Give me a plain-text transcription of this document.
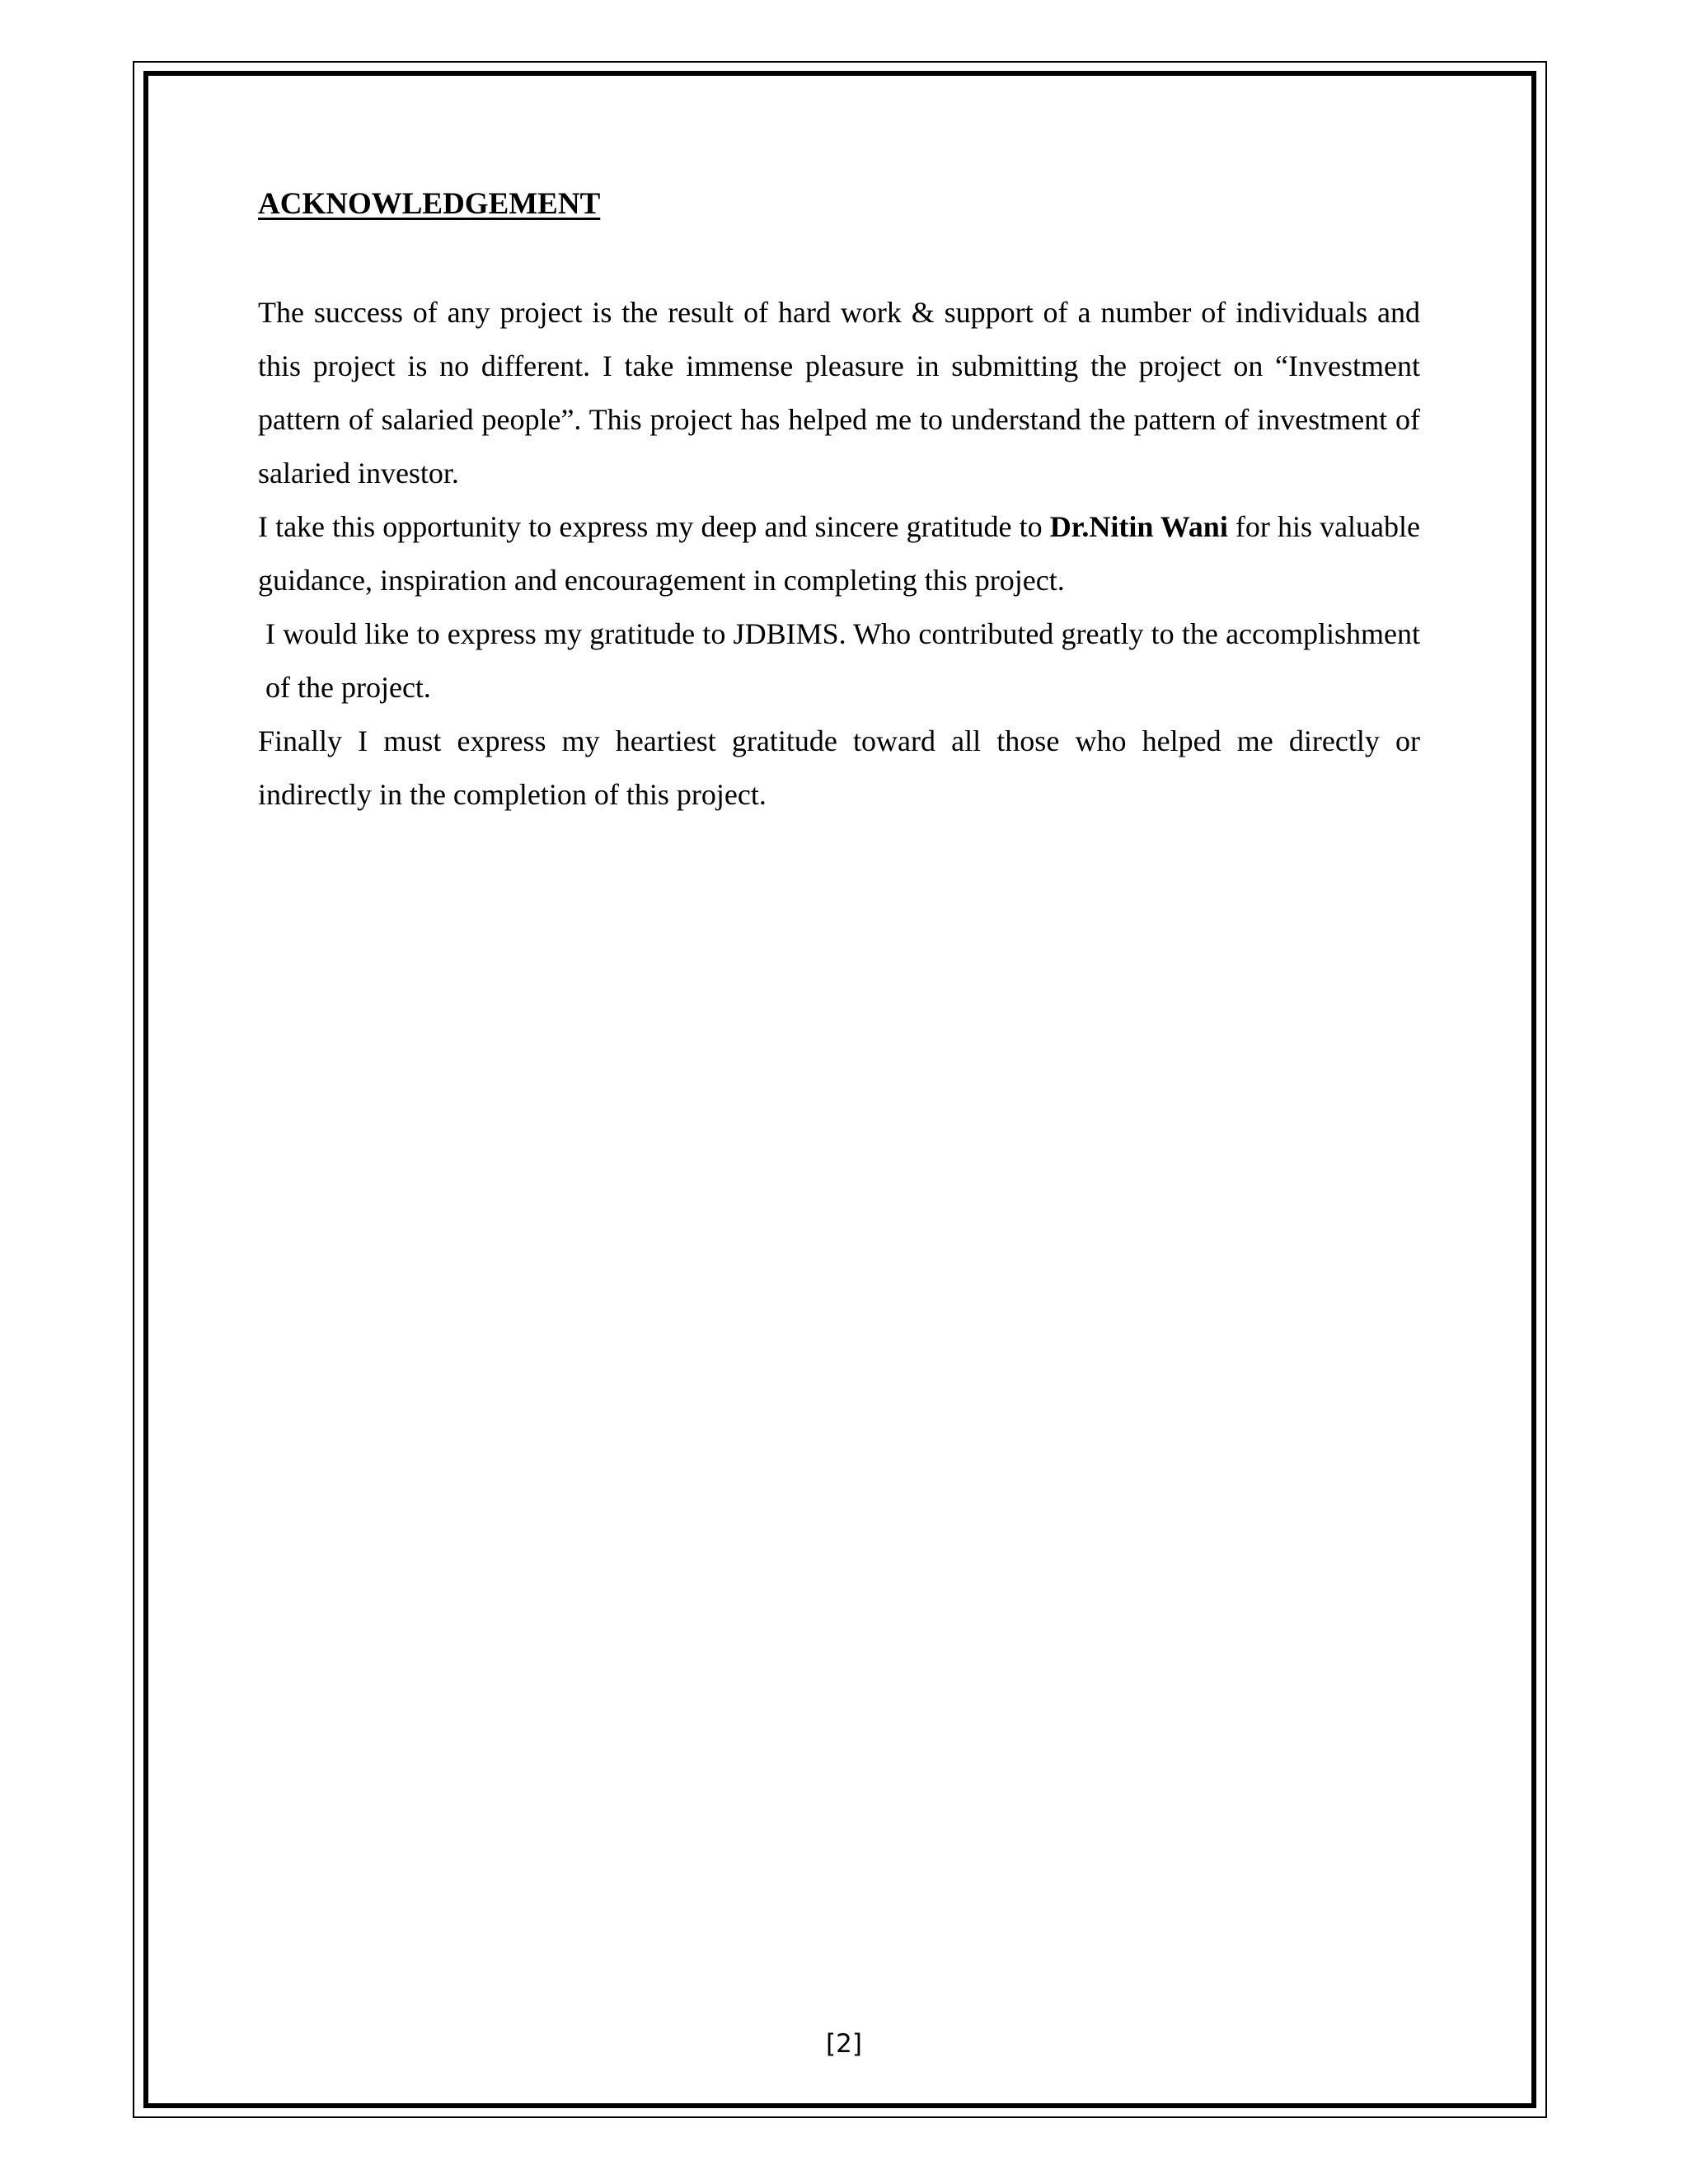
ACKNOWLEDGEMENT

The success of any project is the result of hard work & support of a number of individuals and this project is no different. I take immense pleasure in submitting the project on “Investment pattern of salaried people”. This project has helped me to understand the pattern of investment of salaried investor.

I take this opportunity to express my deep and sincere gratitude to Dr.Nitin Wani for his valuable guidance, inspiration and encouragement in completing this project.

I would like to express my gratitude to JDBIMS. Who contributed greatly to the accomplishment of the project.

Finally I must express my heartiest gratitude toward all those who helped me directly or indirectly in the completion of this project.

[2]
